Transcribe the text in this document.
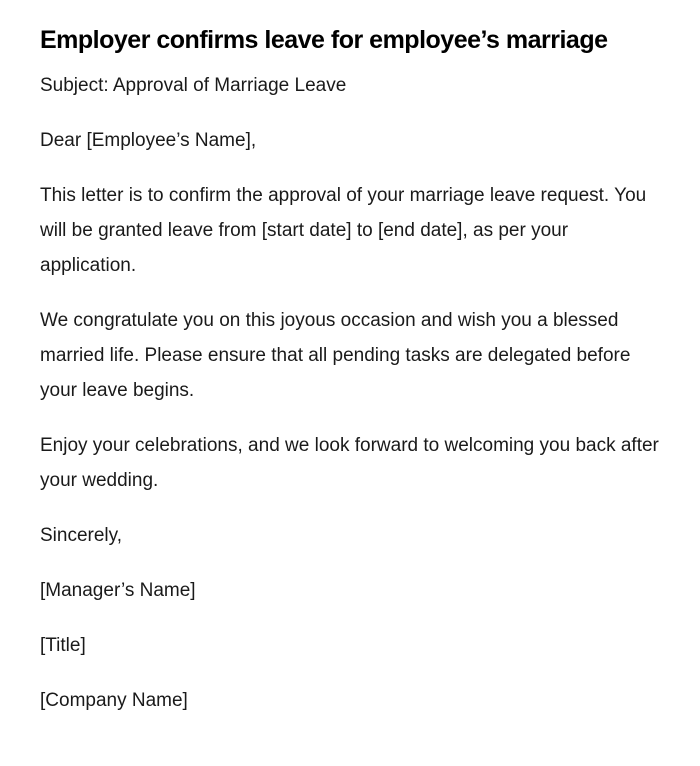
Employer confirms leave for employee’s marriage

Subject: Approval of Marriage Leave

Dear [Employee’s Name],

This letter is to confirm the approval of your marriage leave request. You will be granted leave from [start date] to [end date], as per your application.

We congratulate you on this joyous occasion and wish you a blessed married life. Please ensure that all pending tasks are delegated before your leave begins.

Enjoy your celebrations, and we look forward to welcoming you back after your wedding.

Sincerely,

[Manager’s Name]

[Title]

[Company Name]
